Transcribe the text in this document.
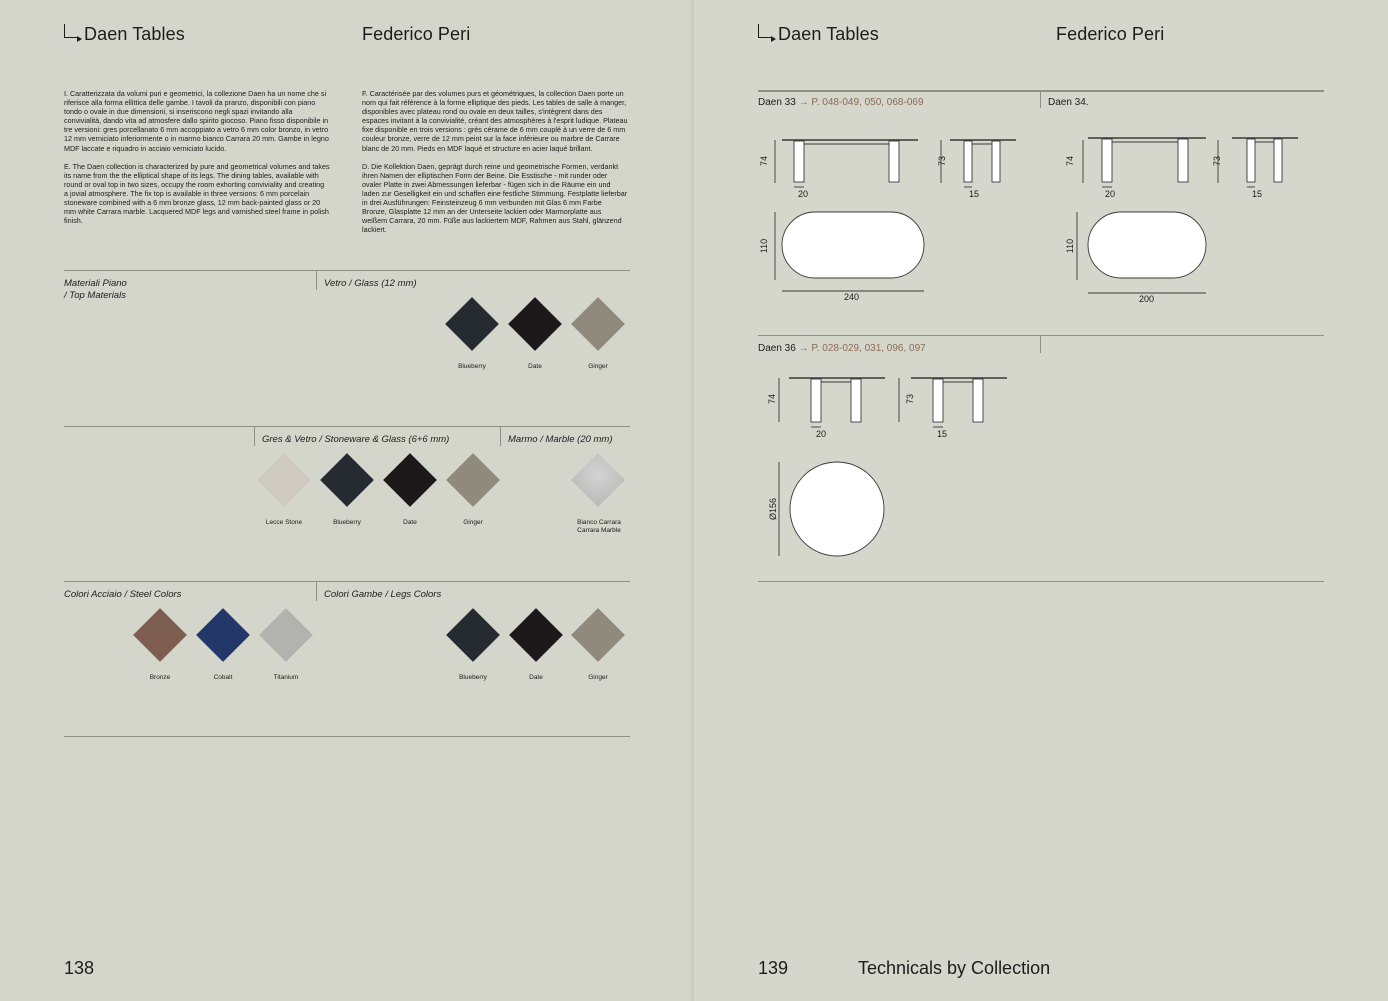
Daen Tables	Federico Peri

I. Caratterizzata da volumi puri e geometrici, la collezione Daen ha un nome che si riferisce alla forma ellittica delle gambe. I tavoli da pranzo, disponibili con piano tondo o ovale in due dimensioni, si inseriscono negli spazi invitando alla convivialità, dando vita ad atmosfere dallo spirito giocoso. Piano fisso disponibile in tre versioni: gres porcellanato 6 mm accoppiato a vetro 6 mm color bronzo, in vetro 12 mm verniciato inferiormente o in marmo bianco Carrara 20 mm. Gambe in legno MDF laccate e riquadro in acciaio verniciato lucido.

E. The Daen collection is characterized by pure and geometrical volumes and takes its name from the the elliptical shape of its legs. The dining tables, available with round or oval top in two sizes, occupy the room exhorting conviviality and creating a jovial atmosphere. The fix top is available in three versions: 6 mm porcelain stoneware combined with a 6 mm bronze glass, 12 mm back-painted glass or 20 mm white Carrara marble. Lacquered MDF legs and varnished steel frame in polish finish.

F. Caractérisée par des volumes purs et géométriques, la collection Daen porte un nom qui fait référence à la forme elliptique des pieds. Les tables de salle à manger, disponibles avec plateau rond ou ovale en deux tailles, s'intègrent dans des espaces invitant à la convivialité, créant des atmosphères à l'esprit ludique. Plateau fixe disponible en trois versions : grès cérame de 6 mm couplé à un verre de 6 mm couleur bronze, verre de 12 mm peint sur la face inférieure ou marbre de Carrare blanc de 20 mm. Pieds en MDF laqué et structure en acier laqué brillant.

D. Die Kollektion Daen, geprägt durch reine und geometrische Formen, verdankt ihren Namen der elliptischen Form der Beine. Die Esstische - mit runder oder ovaler Platte in zwei Abmessungen lieferbar - fügen sich in die Räume ein und laden zur Geselligkeit ein und schaffen eine festliche Stimmung. Festplatte lieferbar in drei Ausführungen: Feinsteinzeug 6 mm verbunden mit Glas 6 mm Farbe Bronze, Glasplatte 12 mm an der Unterseite lackiert oder Marmorplatte aus weißem Carrara, 20 mm. Füße aus lackiertem MDF, Rahmen aus Stahl, glänzend lackiert.

Materiali Piano
/ Top Materials
Vetro / Glass (12 mm)
Blueberry	Date	Ginger
Gres & Vetro / Stoneware & Glass (6+6 mm)	Marmo / Marble (20 mm)
Lecce Stone	Blueberry	Date	Ginger	Bianco Carrara
Carrara Marble
Colori Acciaio / Steel Colors	Colori Gambe / Legs Colors
Bronze	Cobalt	Titanium	Blueberry	Date	Ginger
138
Daen Tables	Federico Peri
Daen 33 → P. 048-049, 050, 068-069	Daen 34.
74
20
73
15
110
240
74
20
73
15
110
200
Daen 36 → P. 028-029, 031, 096, 097
74
20
73
15
Ø156
139	Technicals by Collection
